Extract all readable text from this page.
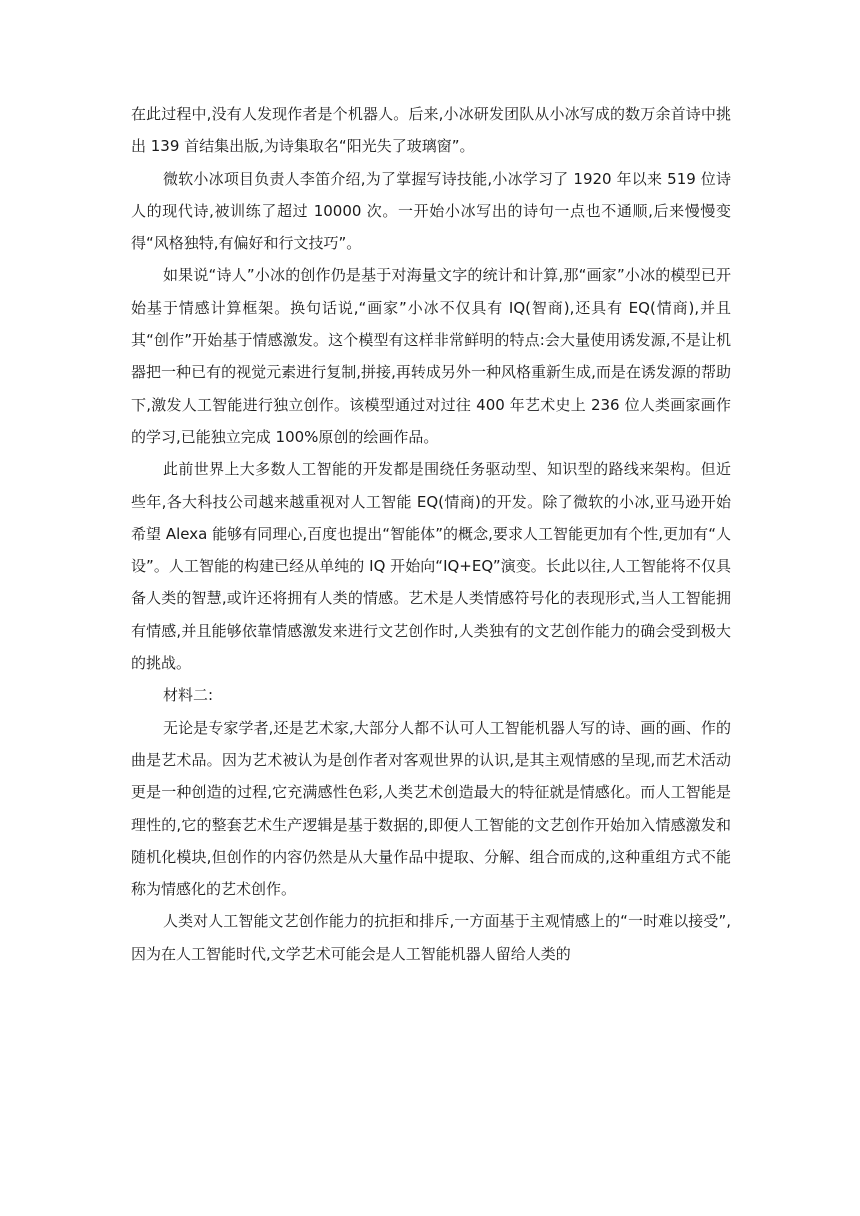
在此过程中,没有人发现作者是个机器人。后来,小冰研发团队从小冰写成的数万余首诗中挑出 139 首结集出版,为诗集取名“阳光失了玻璃窗”。

微软小冰项目负责人李笛介绍,为了掌握写诗技能,小冰学习了 1920 年以来 519 位诗人的现代诗,被训练了超过 10000 次。一开始小冰写出的诗句一点也不通顺,后来慢慢变得“风格独特,有偏好和行文技巧”。

如果说“诗人”小冰的创作仍是基于对海量文字的统计和计算,那“画家”小冰的模型已开始基于情感计算框架。换句话说,“画家”小冰不仅具有 IQ(智商),还具有 EQ(情商),并且其“创作”开始基于情感激发。这个模型有这样非常鲜明的特点:会大量使用诱发源,不是让机器把一种已有的视觉元素进行复制,拼接,再转成另外一种风格重新生成,而是在诱发源的帮助下,激发人工智能进行独立创作。该模型通过对过往 400 年艺术史上 236 位人类画家画作的学习,已能独立完成 100%原创的绘画作品。

此前世界上大多数人工智能的开发都是围绕任务驱动型、知识型的路线来架构。但近些年,各大科技公司越来越重视对人工智能 EQ(情商)的开发。除了微软的小冰,亚马逊开始希望 Alexa 能够有同理心,百度也提出“智能体”的概念,要求人工智能更加有个性,更加有“人设”。人工智能的构建已经从单纯的 IQ 开始向“IQ+EQ”演变。长此以往,人工智能将不仅具备人类的智慧,或许还将拥有人类的情感。艺术是人类情感符号化的表现形式,当人工智能拥有情感,并且能够依靠情感激发来进行文艺创作时,人类独有的文艺创作能力的确会受到极大的挑战。

材料二:

无论是专家学者,还是艺术家,大部分人都不认可人工智能机器人写的诗、画的画、作的曲是艺术品。因为艺术被认为是创作者对客观世界的认识,是其主观情感的呈现,而艺术活动更是一种创造的过程,它充满感性色彩,人类艺术创造最大的特征就是情感化。而人工智能是理性的,它的整套艺术生产逻辑是基于数据的,即便人工智能的文艺创作开始加入情感激发和随机化模块,但创作的内容仍然是从大量作品中提取、分解、组合而成的,这种重组方式不能称为情感化的艺术创作。

人类对人工智能文艺创作能力的抗拒和排斥,一方面基于主观情感上的“一时难以接受”,因为在人工智能时代,文学艺术可能会是人工智能机器人留给人类的
